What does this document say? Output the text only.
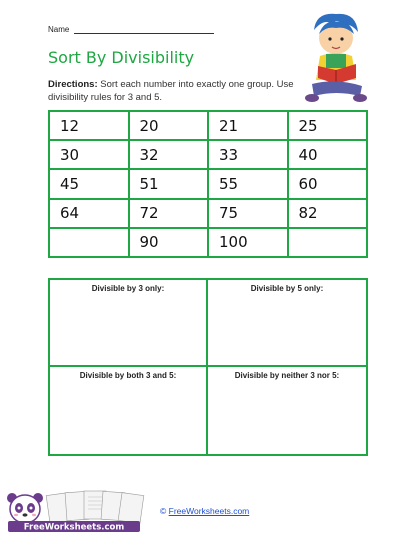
Name
Sort By Divisibility
Directions: Sort each number into exactly one group. Use divisibility rules for 3 and 5.
12	20	21	25
30	32	33	40
45	51	55	60
64	72	75	82
	90	100	
Divisible by 3 only:	Divisible by 5 only:
Divisible by both 3 and 5:	Divisible by neither 3 nor 5:
© FreeWorksheets.com
FreeWorksheets.com
